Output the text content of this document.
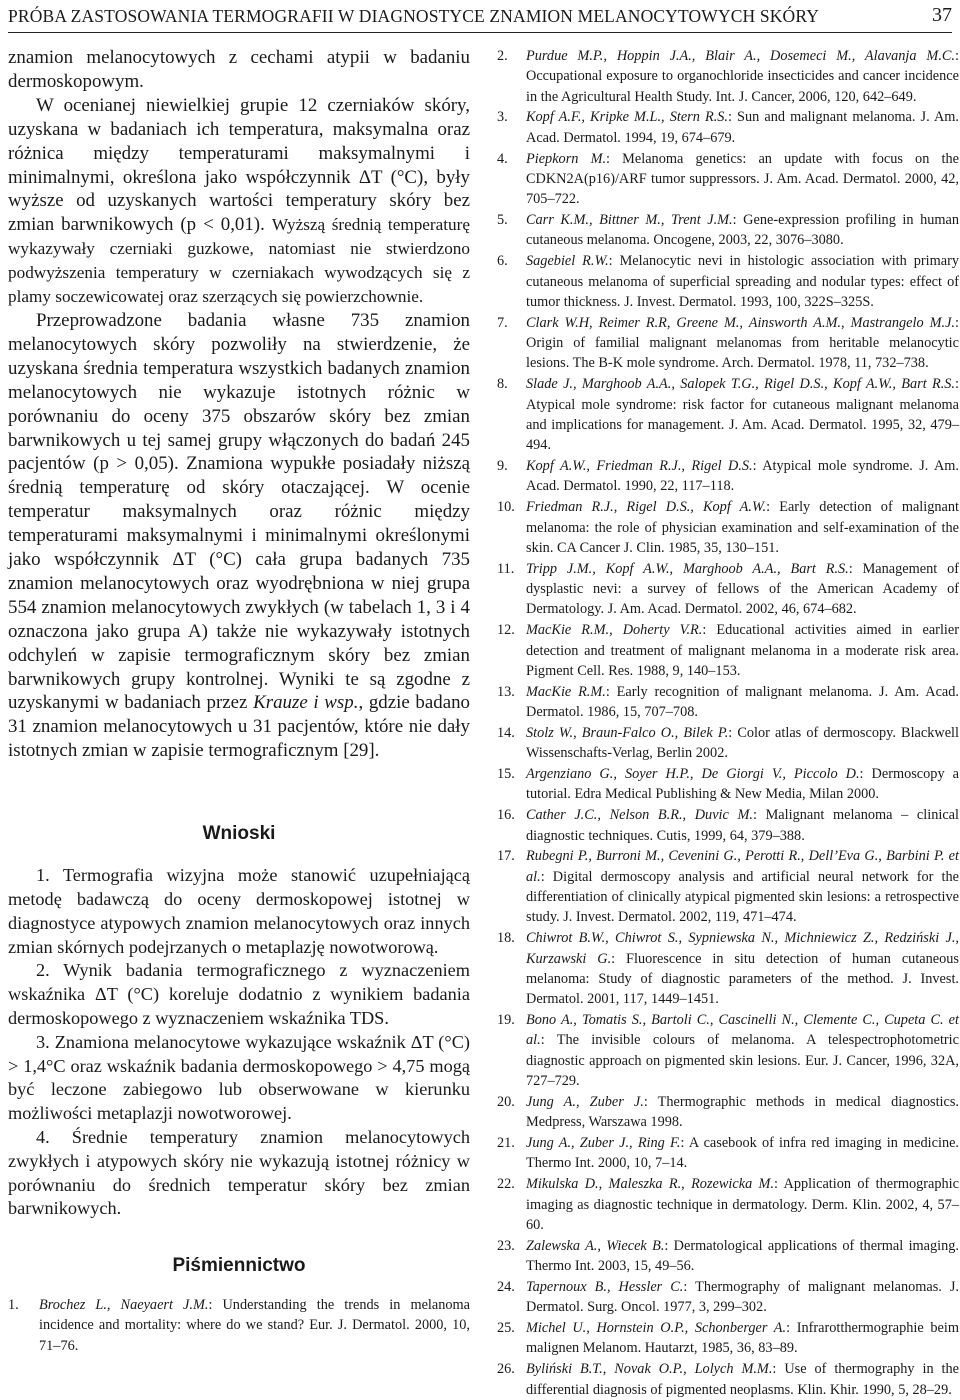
PRÓBA ZASTOSOWANIA TERMOGRAFII W DIAGNOSTYCE ZNAMION MELANOCYTOWYCH SKÓRY	37

znamion melanocytowych z cechami atypii w badaniu dermoskopowym.

W ocenianej niewielkiej grupie 12 czerniaków skóry, uzyskana w badaniach ich temperatura, maksymalna oraz różnica między temperaturami maksymalnymi i minimalnymi, określona jako współczynnik ΔT (°C), były wyższe od uzyskanych wartości temperatury skóry bez zmian barwnikowych (p < 0,01). Wyższą średnią temperaturę wykazywały czerniaki guzkowe, natomiast nie stwierdzono podwyższenia temperatury w czerniakach wywodzących się z plamy soczewicowatej oraz szerzących się powierzchownie.

Przeprowadzone badania własne 735 znamion melanocytowych skóry pozwoliły na stwierdzenie, że uzyskana średnia temperatura wszystkich badanych znamion melanocytowych nie wykazuje istotnych różnic w porównaniu do oceny 375 obszarów skóry bez zmian barwnikowych u tej samej grupy włączonych do badań 245 pacjentów (p > 0,05). Znamiona wypukłe posiadały niższą średnią temperaturę od skóry otaczającej. W ocenie temperatur maksymalnych oraz różnic między temperaturami maksymalnymi i minimalnymi określonymi jako współczynnik ΔT (°C) cała grupa badanych 735 znamion melanocytowych oraz wyodrębniona w niej grupa 554 znamion melanocytowych zwykłych (w tabelach 1, 3 i 4 oznaczona jako grupa A) także nie wykazywały istotnych odchyleń w zapisie termograficznym skóry bez zmian barwnikowych grupy kontrolnej. Wyniki te są zgodne z uzyskanymi w badaniach przez Krauze i wsp., gdzie badano 31 znamion melanocytowych u 31 pacjentów, które nie dały istotnych zmian w zapisie termograficznym [29].

Wnioski

1. Termografia wizyjna może stanowić uzupełniającą metodę badawczą do oceny dermoskopowej istotnej w diagnostyce atypowych znamion melanocytowych oraz innych zmian skórnych podejrzanych o metaplazję nowotworową.

2. Wynik badania termograficznego z wyznaczeniem wskaźnika ΔT (°C) koreluje dodatnio z wynikiem badania dermoskopowego z wyznaczeniem wskaźnika TDS.

3. Znamiona melanocytowe wykazujące wskaźnik ΔT (°C) > 1,4°C oraz wskaźnik badania dermoskopowego > 4,75 mogą być leczone zabiegowo lub obserwowane w kierunku możliwości metaplazji nowotworowej.

4. Średnie temperatury znamion melanocytowych zwykłych i atypowych skóry nie wykazują istotnej różnicy w porównaniu do średnich temperatur skóry bez zmian barwnikowych.

Piśmiennictwo
1. Brochez L., Naeyaert J.M.: Understanding the trends in melanoma incidence and mortality: where do we stand? Eur. J. Dermatol. 2000, 10, 71–76.
2. Purdue M.P., Hoppin J.A., Blair A., Dosemeci M., Alavanja M.C.: Occupational exposure to organochloride insecticides and cancer incidence in the Agricultural Health Study. Int. J. Cancer, 2006, 120, 642–649.
3. Kopf A.F., Kripke M.L., Stern R.S.: Sun and malignant melanoma. J. Am. Acad. Dermatol. 1994, 19, 674–679.
4. Piepkorn M.: Melanoma genetics: an update with focus on the CDKN2A(p16)/ARF tumor suppressors. J. Am. Acad. Dermatol. 2000, 42, 705–722.
5. Carr K.M., Bittner M., Trent J.M.: Gene-expression profiling in human cutaneous melanoma. Oncogene, 2003, 22, 3076–3080.
6. Sagebiel R.W.: Melanocytic nevi in histologic association with primary cutaneous melanoma of superficial spreading and nodular types: effect of tumor thickness. J. Invest. Dermatol. 1993, 100, 322S–325S.
7. Clark W.H, Reimer R.R, Greene M., Ainsworth A.M., Mastrangelo M.J.: Origin of familial malignant melanomas from heritable melanocytic lesions. The B-K mole syndrome. Arch. Dermatol. 1978, 11, 732–738.
8. Slade J., Marghoob A.A., Salopek T.G., Rigel D.S., Kopf A.W., Bart R.S.: Atypical mole syndrome: risk factor for cutaneous malignant melanoma and implications for management. J. Am. Acad. Dermatol. 1995, 32, 479–494.
9. Kopf A.W., Friedman R.J., Rigel D.S.: Atypical mole syndrome. J. Am. Acad. Dermatol. 1990, 22, 117–118.
10. Friedman R.J., Rigel D.S., Kopf A.W.: Early detection of malignant melanoma: the role of physician examination and self-examination of the skin. CA Cancer J. Clin. 1985, 35, 130–151.
11. Tripp J.M., Kopf A.W., Marghoob A.A., Bart R.S.: Management of dysplastic nevi: a survey of fellows of the American Academy of Dermatology. J. Am. Acad. Dermatol. 2002, 46, 674–682.
12. MacKie R.M., Doherty V.R.: Educational activities aimed in earlier detection and treatment of malignant melanoma in a moderate risk area. Pigment Cell. Res. 1988, 9, 140–153.
13. MacKie R.M.: Early recognition of malignant melanoma. J. Am. Acad. Dermatol. 1986, 15, 707–708.
14. Stolz W., Braun-Falco O., Bilek P.: Color atlas of dermoscopy. Blackwell Wissenschafts-Verlag, Berlin 2002.
15. Argenziano G., Soyer H.P., De Giorgi V., Piccolo D.: Dermoscopy a tutorial. Edra Medical Publishing & New Media, Milan 2000.
16. Cather J.C., Nelson B.R., Duvic M.: Malignant melanoma – clinical diagnostic techniques. Cutis, 1999, 64, 379–388.
17. Rubegni P., Burroni M., Cevenini G., Perotti R., Dell’Eva G., Barbini P. et al.: Digital dermoscopy analysis and artificial neural network for the differentiation of clinically atypical pigmented skin lesions: a retrospective study. J. Invest. Dermatol. 2002, 119, 471–474.
18. Chiwrot B.W., Chiwrot S., Sypniewska N., Michniewicz Z., Redziński J., Kurzawski G.: Fluorescence in situ detection of human cutaneous melanoma: Study of diagnostic parameters of the method. J. Invest. Dermatol. 2001, 117, 1449–1451.
19. Bono A., Tomatis S., Bartoli C., Cascinelli N., Clemente C., Cupeta C. et al.: The invisible colours of melanoma. A telespectrophotometric diagnostic approach on pigmented skin lesions. Eur. J. Cancer, 1996, 32A, 727–729.
20. Jung A., Zuber J.: Thermographic methods in medical diagnostics. Medpress, Warszawa 1998.
21. Jung A., Zuber J., Ring F.: A casebook of infra red imaging in medicine. Thermo Int. 2000, 10, 7–14.
22. Mikulska D., Maleszka R., Rozewicka M.: Application of thermographic imaging as diagnostic technique in dermatology. Derm. Klin. 2002, 4, 57–60.
23. Zalewska A., Wiecek B.: Dermatological applications of thermal imaging. Thermo Int. 2003, 15, 49–56.
24. Tapernoux B., Hessler C.: Thermography of malignant melanomas. J. Dermatol. Surg. Oncol. 1977, 3, 299–302.
25. Michel U., Hornstein O.P., Schonberger A.: Infrarotthermographie beim malignen Melanom. Hautarzt, 1985, 36, 83–89.
26. Byliński B.T., Novak O.P., Lolych M.M.: Use of thermography in the differential diagnosis of pigmented neoplasms. Klin. Khir. 1990, 5, 28–29.
